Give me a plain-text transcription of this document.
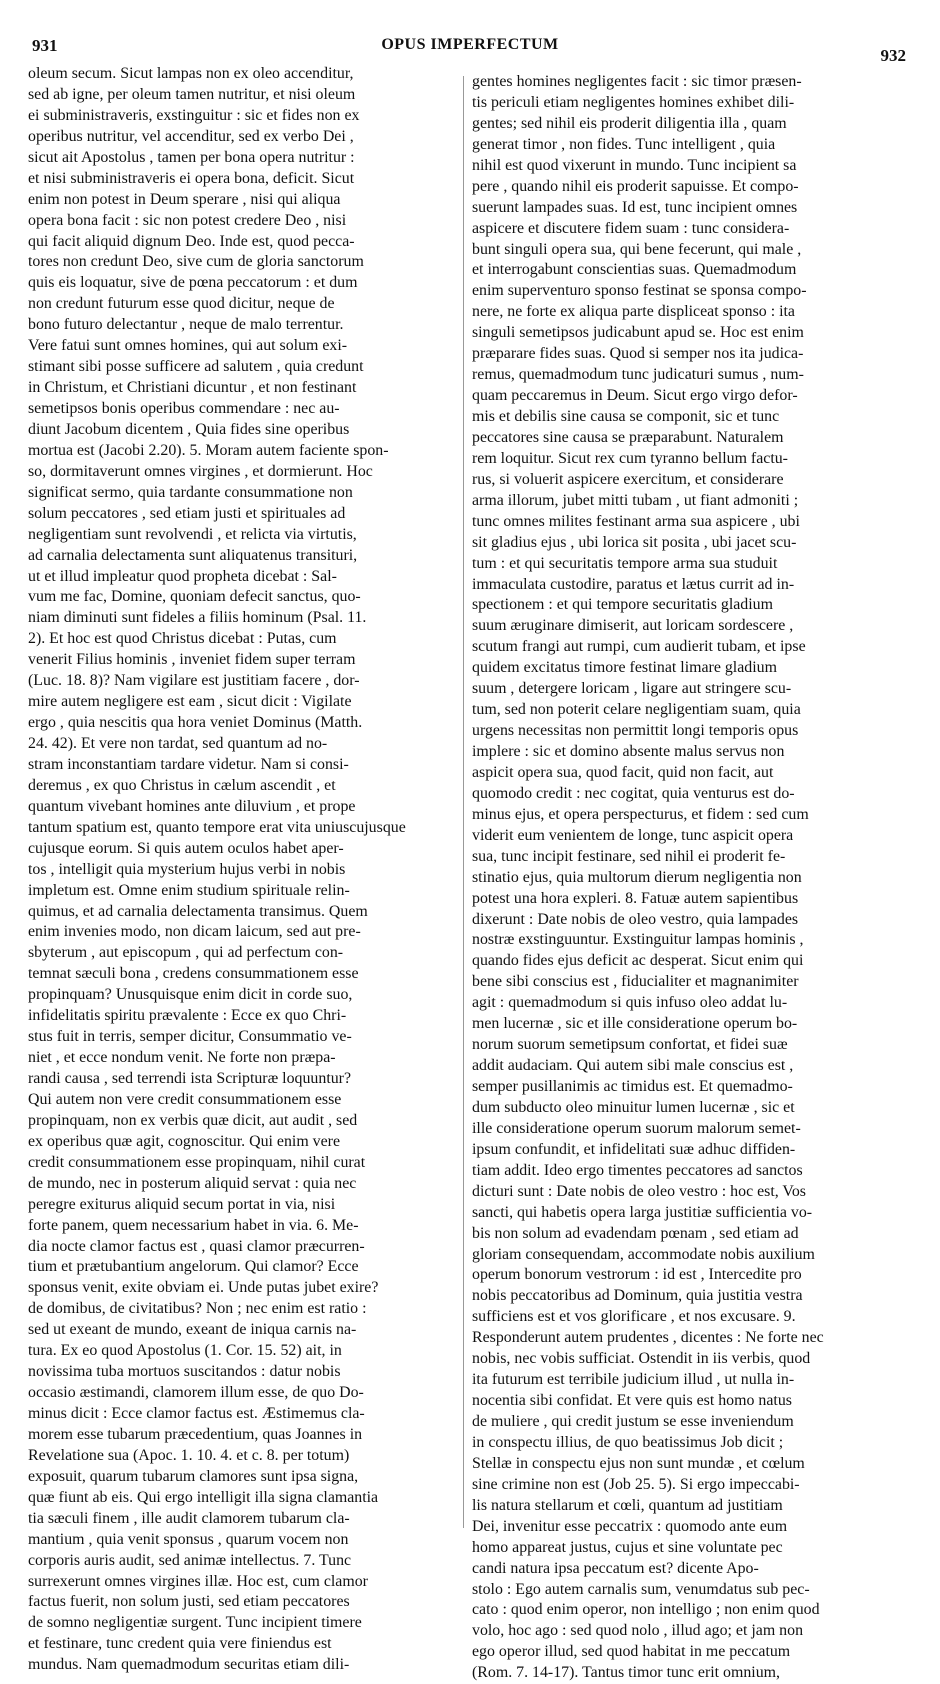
931	OPUS IMPERFECTUM
932
oleum secum. Sicut lampas non ex oleo accenditur,
sed ab igne, per oleum tamen nutritur, et nisi oleum
ei subministraveris, exstinguitur : sic et fides non ex
operibus nutritur, vel accenditur, sed ex verbo Dei ,
sicut ait Apostolus , tamen per bona opera nutritur :
et nisi subministraveris ei opera bona, deficit. Sicut
enim non potest in Deum sperare , nisi qui aliqua
opera bona facit : sic non potest credere Deo , nisi
qui facit aliquid dignum Deo. Inde est, quod pecca-
tores non credunt Deo, sive cum de gloria sanctorum
quis eis loquatur, sive de pœna peccatorum : et dum
non credunt futurum esse quod dicitur, neque de
bono futuro delectantur , neque de malo terrentur.
Vere fatui sunt omnes homines, qui aut solum exi-
stimant sibi posse sufficere ad salutem , quia credunt
in Christum, et Christiani dicuntur , et non festinant
semetipsos bonis operibus commendare : nec au-
diunt Jacobum dicentem , Quia fides sine operibus
mortua est (Jacobi 2.20). 5. Moram autem faciente spon-
so, dormitaverunt omnes virgines , et dormierunt. Hoc
significat sermo, quia tardante consummatione non
solum peccatores , sed etiam justi et spirituales ad
negligentiam sunt revolvendi , et relicta via virtutis,
ad carnalia delectamenta sunt aliquatenus transituri,
ut et illud impleatur quod propheta dicebat : Sal-
vum me fac, Domine, quoniam defecit sanctus, quo-
niam diminuti sunt fideles a filiis hominum (Psal. 11.
2). Et hoc est quod Christus dicebat : Putas, cum
venerit Filius hominis , inveniet fidem super terram
(Luc. 18. 8)? Nam vigilare est justitiam facere , dor-
mire autem negligere est eam , sicut dicit : Vigilate
ergo , quia nescitis qua hora veniet Dominus (Matth.
24. 42). Et vere non tardat, sed quantum ad no-
stram inconstantiam tardare videtur. Nam si consi-
deremus , ex quo Christus in cælum ascendit , et
quantum vivebant homines ante diluvium , et prope
tantum spatium est, quanto tempore erat vita uniuscujusque
cujusque eorum. Si quis autem oculos habet aper-
tos , intelligit quia mysterium hujus verbi in nobis
impletum est. Omne enim studium spirituale relin-
quimus, et ad carnalia delectamenta transimus. Quem
enim invenies modo, non dicam laicum, sed aut pre-
sbyterum , aut episcopum , qui ad perfectum con-
temnat sæculi bona , credens consummationem esse
propinquam? Unusquisque enim dicit in corde suo,
infidelitatis spiritu prævalente : Ecce ex quo Chri-
stus fuit in terris, semper dicitur, Consummatio ve-
niet , et ecce nondum venit. Ne forte non præpa-
randi causa , sed terrendi ista Scripturæ loquuntur?
Qui autem non vere credit consummationem esse
propinquam, non ex verbis quæ dicit, aut audit , sed
ex operibus quæ agit, cognoscitur. Qui enim vere
credit consummationem esse propinquam, nihil curat
de mundo, nec in posterum aliquid servat : quia nec
peregre exiturus aliquid secum portat in via, nisi
forte panem, quem necessarium habet in via. 6. Me-
dia nocte clamor factus est , quasi clamor præcurren-
tium et prætubantium angelorum. Qui clamor? Ecce
sponsus venit, exite obviam ei. Unde putas jubet exire?
de domibus, de civitatibus? Non ; nec enim est ratio :
sed ut exeant de mundo, exeant de iniqua carnis na-
tura. Ex eo quod Apostolus (1. Cor. 15. 52) ait, in
novissima tuba mortuos suscitandos : datur nobis
occasio æstimandi, clamorem illum esse, de quo Do-
minus dicit : Ecce clamor factus est. Æstimemus cla-
morem esse tubarum præcedentium, quas Joannes in
Revelatione sua (Apoc. 1. 10. 4. et c. 8. per totum)
exposuit, quarum tubarum clamores sunt ipsa signa,
quæ fiunt ab eis. Qui ergo intelligit illa signa clamantia
tia sæculi finem , ille audit clamorem tubarum cla-
mantium , quia venit sponsus , quarum vocem non
corporis auris audit, sed animæ intellectus. 7. Tunc
surrexerunt omnes virgines illæ. Hoc est, cum clamor
factus fuerit, non solum justi, sed etiam peccatores
de somno negligentiæ surgent. Tunc incipient timere
et festinare, tunc credent quia vere finiendus est
mundus. Nam quemadmodum securitas etiam dili-
gentes homines negligentes facit : sic timor præsen-
tis periculi etiam negligentes homines exhibet dili-
gentes; sed nihil eis proderit diligentia illa , quam
generat timor , non fides. Tunc intelligent , quia
nihil est quod vixerunt in mundo. Tunc incipient sa
pere , quando nihil eis proderit sapuisse. Et compo-
suerunt lampades suas. Id est, tunc incipient omnes
aspicere et discutere fidem suam : tunc considera-
bunt singuli opera sua, qui bene fecerunt, qui male ,
et interrogabunt conscientias suas. Quemadmodum
enim superventuro sponso festinat se sponsa compo-
nere, ne forte ex aliqua parte displiceat sponso : ita
singuli semetipsos judicabunt apud se. Hoc est enim
præparare fides suas. Quod si semper nos ita judica-
remus, quemadmodum tunc judicaturi sumus , num-
quam peccaremus in Deum. Sicut ergo virgo defor-
mis et debilis sine causa se componit, sic et tunc
peccatores sine causa se præparabunt. Naturalem
rem loquitur. Sicut rex cum tyranno bellum factu-
rus, si voluerit aspicere exercitum, et considerare
arma illorum, jubet mitti tubam , ut fiant admoniti ;
tunc omnes milites festinant arma sua aspicere , ubi
sit gladius ejus , ubi lorica sit posita , ubi jacet scu-
tum : et qui securitatis tempore arma sua studuit
immaculata custodire, paratus et lætus currit ad in-
spectionem : et qui tempore securitatis gladium
suum æruginare dimiserit, aut loricam sordescere ,
scutum frangi aut rumpi, cum audierit tubam, et ipse
quidem excitatus timore festinat limare gladium
suum , detergere loricam , ligare aut stringere scu-
tum, sed non poterit celare negligentiam suam, quia
urgens necessitas non permittit longi temporis opus
implere : sic et domino absente malus servus non
aspicit opera sua, quod facit, quid non facit, aut
quomodo credit : nec cogitat, quia venturus est do-
minus ejus, et opera perspecturus, et fidem : sed cum
viderit eum venientem de longe, tunc aspicit opera
sua, tunc incipit festinare, sed nihil ei proderit fe-
stinatio ejus, quia multorum dierum negligentia non
potest una hora expleri. 8. Fatuæ autem sapientibus
dixerunt : Date nobis de oleo vestro, quia lampades
nostræ exstinguuntur. Exstinguitur lampas hominis ,
quando fides ejus deficit ac desperat. Sicut enim qui
bene sibi conscius est , fiducialiter et magnanimiter
agit : quemadmodum si quis infuso oleo addat lu-
men lucernæ , sic et ille consideratione operum bo-
norum suorum semetipsum confortat, et fidei suæ
addit audaciam. Qui autem sibi male conscius est ,
semper pusillanimis ac timidus est. Et quemadmo-
dum subducto oleo minuitur lumen lucernæ , sic et
ille consideratione operum suorum malorum semet-
ipsum confundit, et infidelitati suæ adhuc diffiden-
tiam addit. Ideo ergo timentes peccatores ad sanctos
dicturi sunt : Date nobis de oleo vestro : hoc est, Vos
sancti, qui habetis opera larga justitiæ sufficientia vo-
bis non solum ad evadendam pœnam , sed etiam ad
gloriam consequendam, accommodate nobis auxilium
operum bonorum vestrorum : id est , Intercedite pro
nobis peccatoribus ad Dominum, quia justitia vestra
sufficiens est et vos glorificare , et nos excusare. 9.
Responderunt autem prudentes , dicentes : Ne forte nec
nobis, nec vobis sufficiat. Ostendit in iis verbis, quod
ita futurum est terribile judicium illud , ut nulla in-
nocentia sibi confidat. Et vere quis est homo natus
de muliere , qui credit justum se esse inveniendum
in conspectu illius, de quo beatissimus Job dicit ;
Stellæ in conspectu ejus non sunt mundæ , et cœlum
sine crimine non est (Job 25. 5). Si ergo impeccabi-
lis natura stellarum et cœli, quantum ad justitiam
Dei, invenitur esse peccatrix : quomodo ante eum
homo appareat justus, cujus et sine voluntate pec
candi natura ipsa peccatum est? dicente Apo-
stolo : Ego autem carnalis sum, venumdatus sub pec-
cato : quod enim operor, non intelligo ; non enim quod
volo, hoc ago : sed quod nolo , illud ago; et jam non
ego operor illud, sed quod habitat in me peccatum
(Rom. 7. 14-17). Tantus timor tunc erit omnium,
